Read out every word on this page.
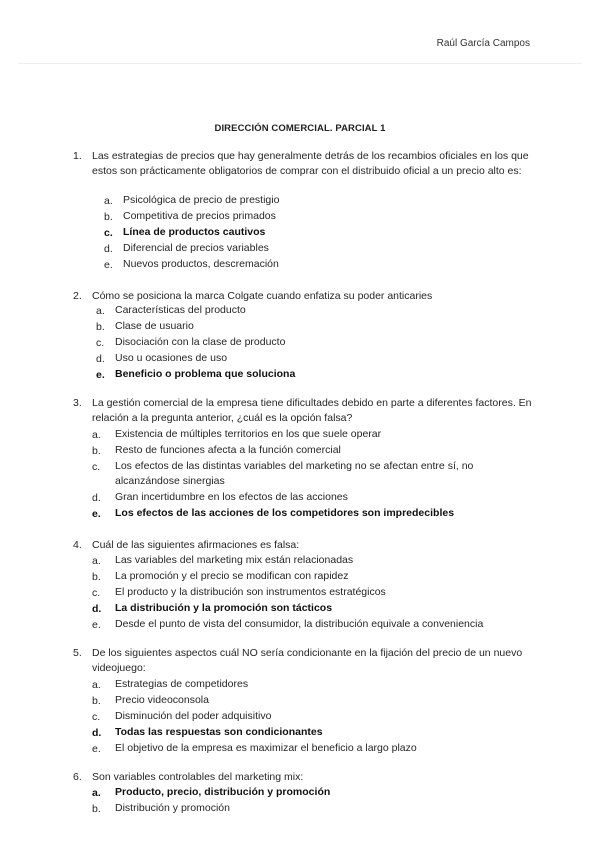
Raúl García Campos
DIRECCIÓN COMERCIAL. PARCIAL 1
1. Las estrategias de precios que hay generalmente detrás de los recambios oficiales en los que estos son prácticamente obligatorios de comprar con el distribuido oficial a un precio alto es:
a. Psicológica de precio de prestigio
b. Competitiva de precios primados
c. Línea de productos cautivos
d. Diferencial de precios variables
e. Nuevos productos, descremación
2. Cómo se posiciona la marca Colgate cuando enfatiza su poder anticaries
a. Características del producto
b. Clase de usuario
c. Disociación con la clase de producto
d. Uso u ocasiones de uso
e. Beneficio o problema que soluciona
3. La gestión comercial de la empresa tiene dificultades debido en parte a diferentes factores. En relación a la pregunta anterior, ¿cuál es la opción falsa?
a. Existencia de múltiples territorios en los que suele operar
b. Resto de funciones afecta a la función comercial
c. Los efectos de las distintas variables del marketing no se afectan entre sí, no alcanzándose sinergias
d. Gran incertidumbre en los efectos de las acciones
e. Los efectos de las acciones de los competidores son impredecibles
4. Cuál de las siguientes afirmaciones es falsa:
a. Las variables del marketing mix están relacionadas
b. La promoción y el precio se modifican con rapidez
c. El producto y la distribución son instrumentos estratégicos
d. La distribución y la promoción son tácticos
e. Desde el punto de vista del consumidor, la distribución equivale a conveniencia
5. De los siguientes aspectos cuál NO sería condicionante en la fijación del precio de un nuevo videojuego:
a. Estrategias de competidores
b. Precio videoconsola
c. Disminución del poder adquisitivo
d. Todas las respuestas son condicionantes
e. El objetivo de la empresa es maximizar el beneficio a largo plazo
6. Son variables controlables del marketing mix:
a. Producto, precio, distribución y promoción
b. Distribución y promoción
